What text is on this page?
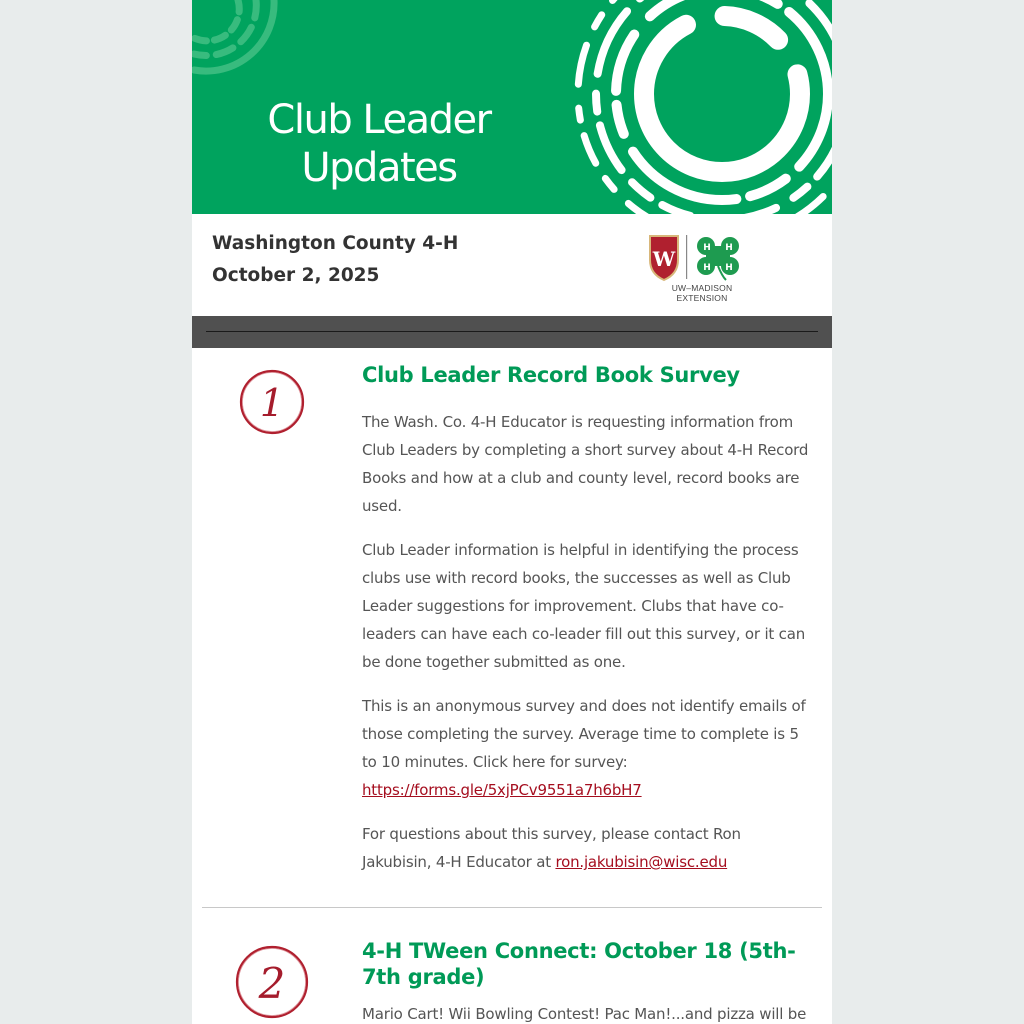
Club Leader
Updates
Washington County 4-H
October 2, 2025
W	H H
H H
UW–MADISON EXTENSION
1
Club Leader Record Book Survey

The Wash. Co. 4-H Educator is requesting information from Club Leaders by completing a short survey about 4-H Record Books and how at a club and county level, record books are used.

Club Leader information is helpful in identifying the process clubs use with record books, the successes as well as Club Leader suggestions for improvement. Clubs that have co-leaders can have each co-leader fill out this survey, or it can be done together submitted as one.

This is an anonymous survey and does not identify emails of those completing the survey. Average time to complete is 5 to 10 minutes. Click here for survey: https://forms.gle/5xjPCv9551a7h6bH7

For questions about this survey, please contact Ron Jakubisin, 4-H Educator at ron.jakubisin@wisc.edu

2
4-H TWeen Connect: October 18 (5th-7th grade)

Mario Cart! Wii Bowling Contest! Pac Man!...and pizza will be
